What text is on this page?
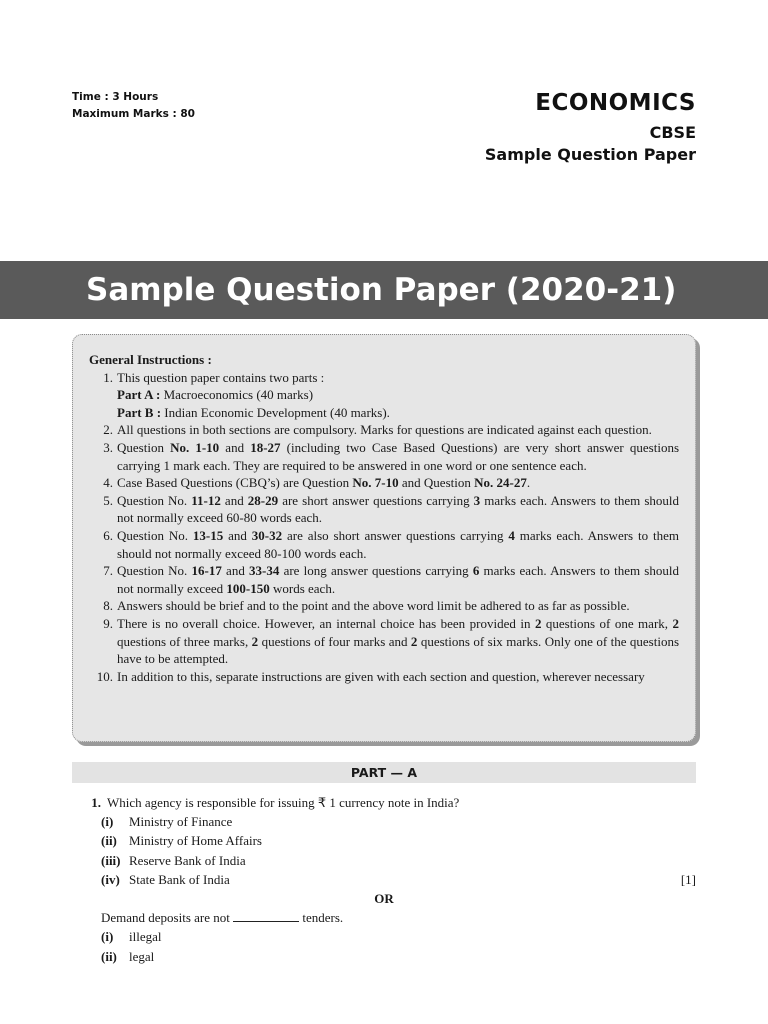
Time : 3 Hours
Maximum Marks : 80	ECONOMICS
CBSE
Sample Question Paper
Sample Question Paper (2020-21)
General Instructions :
1. This question paper contains two parts :
Part A : Macroeconomics (40 marks)
Part B : Indian Economic Development (40 marks).
2. All questions in both sections are compulsory. Marks for questions are indicated against each question.
3. Question No. 1-10 and 18-27 (including two Case Based Questions) are very short answer questions carrying 1 mark each. They are required to be answered in one word or one sentence each.
4. Case Based Questions (CBQ’s) are Question No. 7-10 and Question No. 24-27.
5. Question No. 11-12 and 28-29 are short answer questions carrying 3 marks each. Answers to them should not normally exceed 60-80 words each.
6. Question No. 13-15 and 30-32 are also short answer questions carrying 4 marks each. Answers to them should not normally exceed 80-100 words each.
7. Question No. 16-17 and 33-34 are long answer questions carrying 6 marks each. Answers to them should not normally exceed 100-150 words each.
8. Answers should be brief and to the point and the above word limit be adhered to as far as possible.
9. There is no overall choice. However, an internal choice has been provided in 2 questions of one mark, 2 questions of three marks, 2 questions of four marks and 2 questions of six marks. Only one of the questions have to be attempted.
10. In addition to this, separate instructions are given with each section and question, wherever necessary
PART — A
1. Which agency is responsible for issuing ₹ 1 currency note in India?
(i)	Ministry of Finance
(ii) Ministry of Home Affairs
(iii) Reserve Bank of India
(iv) State Bank of India	[1]
OR
Demand deposits are not	tenders.
(i)	illegal
(ii) legal
